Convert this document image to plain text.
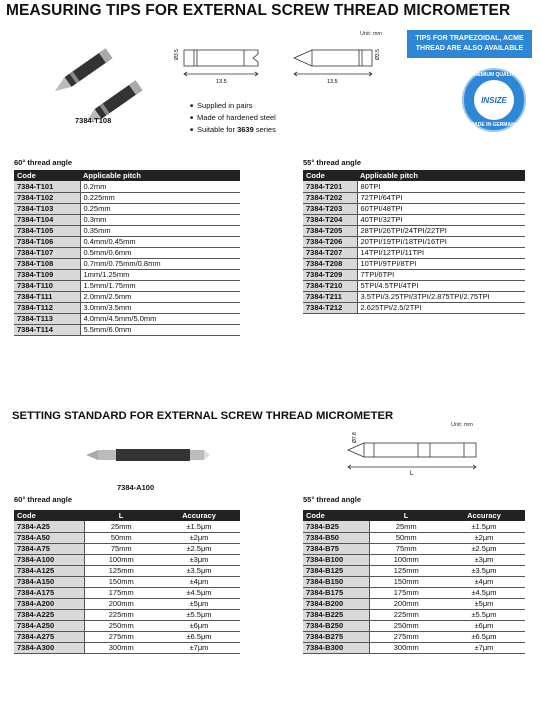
MEASURING TIPS FOR EXTERNAL SCREW THREAD MICROMETER
7384-T108
Unit: mm
Ø3.5	Ø3.5
13.5	13.5
TIPS FOR TRAPEZOIDAL, ACME THREAD ARE ALSO AVAILABLE
PREMIUM QUALITY
INSIZE
MADE IN GERMANY
■ Supplied in pairs
■ Made of hardened steel
■ Suitable for 3639 series
60° thread angle
Code	Applicable pitch
7384-T101	0.2mm
7384-T102	0.225mm
7384-T103	0.25mm
7384-T104	0.3mm
7384-T105	0.35mm
7384-T106	0.4mm/0.45mm
7384-T107	0.5mm/0.6mm
7384-T108	0.7mm/0.75mm/0.8mm
7384-T109	1mm/1.25mm
7384-T110	1.5mm/1.75mm
7384-T111	2.0mm/2.5mm
7384-T112	3.0mm/3.5mm
7384-T113	4.0mm/4.5mm/5.0mm
7384-T114	5.5mm/6.0mm
55° thread angle
Code	Applicable pitch
7384-T201	80TPI
7384-T202	72TPI/64TPI
7384-T203	60TPI/48TPI
7384-T204	40TPI/32TPI
7384-T205	28TPI/26TPI/24TPI/22TPI
7384-T206	20TPI/19TPI/18TPI/16TPI
7384-T207	14TPI/12TPI/11TPI
7384-T208	10TPI/9TPI/8TPI
7384-T209	7TPI/6TPI
7384-T210	5TPI/4.5TPI/4TPI
7384-T211	3.5TPI/3.25TPI/3TPI/2.875TPI/2.75TPI
7384-T212	2.625TPI/2.5/2TPI
SETTING STANDARD FOR EXTERNAL SCREW THREAD MICROMETER
7384-A100
Unit: mm
Ø7.8
L
60° thread angle
Code	L	Accuracy
7384-A25	25mm	±1.5μm
7384-A50	50mm	±2μm
7384-A75	75mm	±2.5μm
7384-A100	100mm	±3μm
7384-A125	125mm	±3.5μm
7384-A150	150mm	±4μm
7384-A175	175mm	±4.5μm
7384-A200	200mm	±5μm
7384-A225	225mm	±5.5μm
7384-A250	250mm	±6μm
7384-A275	275mm	±6.5μm
7384-A300	300mm	±7μm
55° thread angle
Code	L	Accuracy
7384-B25	25mm	±1.5μm
7384-B50	50mm	±2μm
7384-B75	75mm	±2.5μm
7384-B100	100mm	±3μm
7384-B125	125mm	±3.5μm
7384-B150	150mm	±4μm
7384-B175	175mm	±4.5μm
7384-B200	200mm	±5μm
7384-B225	225mm	±5.5μm
7384-B250	250mm	±6μm
7384-B275	275mm	±6.5μm
7384-B300	300mm	±7μm
